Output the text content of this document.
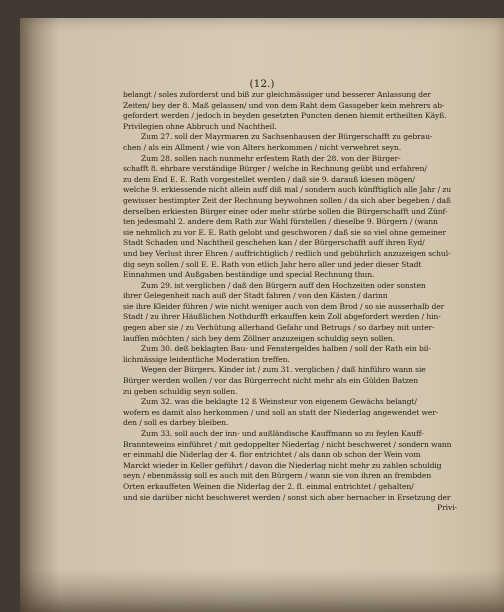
(12.)
belangt / soles zuforderst und biß zur gleichmässiger und besserer Anlassung der
Zeiten/ bey der 8. Maß gelassen/ und von dem Raht dem Gassgeber kein mehrers ab-
gefordert werden / jedoch in beyden gesetzten Puncten denen hiemit ertheilten Käyß.
Privilegien ohne Abbruch und Nachtheil.
Zum 27. soll der Mayrmaren zu Sachsenhausen der Bürgerschafft zu gebrau-
chen / als ein Allment / wie von Alters herkommen / nicht verwehret seyn.
Zum 28. sollen nach nunmehr erfestem Rath der 28. von der Bürger-
schafft 8. ehrbare verständige Bürger / welche in Rechnung geübt und erfahren/
zu dem End E. E. Rath vorgestellet werden / daß sie 9. darauß kiesen mögen/
welche 9. erkiessende nicht allein auff diß mal / sondern auch künfftiglich alle Jahr / zu
gewisser bestimpter Zeit der Rechnung beywohnen sollen / da sich aber begeben / daß
derselben erkiesten Bürger einer oder mehr stürbe sollen die Bürgerschafft und Zünf-
ten jedesmahl 2. andere dem Rath zur Wahl fürstellen / dieselbe 9. Bürgern / (wann
sie nehmlich zu vor E. E. Rath gelobt und geschworen / daß sie so viel ohne gemeiner
Stadt Schaden und Nachtheil geschehen kan / der Bürgerschafft auff ihren Eyd/
und bey Verlust ihrer Ehren / auffrichtiglich / redlich und gebührlich anzuzeigen schul-
dig seyn sollen / soll E. E. Rath von etlich Jahr hero aller und jeder dieser Stadt
Einnahmen und Außgaben beständige und special Rechnung thun.
Zum 29. ist verglichen / daß den Bürgern auff den Hochzeiten oder sonsten
ihrer Gelegenheit nach auß der Stadt fahren / von den Kästen / darinn
sie ihre Kleider führen / wie nicht weniger auch von dem Brod / so sie ausserhalb der
Stadt / zu ihrer Häußlichen Nothdurfft erkauffen kein Zoll abgefordert werden / hin-
gegen aber sie / zu Verhütung allerhand Gefahr und Betrugs / so darbey mit unter-
lauffen möchten / sich bey dem Zöllner anzuzeigen schuldig seyn sollen.
Zum 30. deß beklagten Bau- und Fenstergeldes halben / soll der Rath ein bil-
lichmässige leidentliche Moderation treffen.
Wegen der Bürgers. Kinder ist / zum 31. verglichen / daß hinführo wann sie
Bürger werden wollen / vor das Bürgerrecht nicht mehr als ein Gülden Batzen
zu geben schuldig seyn sollen.
Zum 32. was die beklagte 12 ß Weinsteur von eigenem Gewächs belangt/
wofern es damit also herkommen / und soll an statt der Niederlag angewendet wer-
den / soll es darbey bleiben.
Zum 33. soll auch der inn- und außländische Kauffmann so zu feylen Kauff-
Brannteweins einführet / mit gedoppelter Niederlag / nicht beschweret / sondern wann
er einmahl die Niderlag der 4. flor entrichtet / als dann ob schon der Wein vom
Marckt wieder in Keller geführt / davon die Niederlag nicht mehr zu zahlen schuldig
seyn / ebenmässig soll es auch mit den Bürgern / wann sie von ihren an frembden
Orten erkauffeten Weinen die Niderlag der 2. fl. einmal entrichtet / gehalten/
und sie darüber nicht beschweret werden / sonst sich aber hernacher in Ersetzung der
Privi-
